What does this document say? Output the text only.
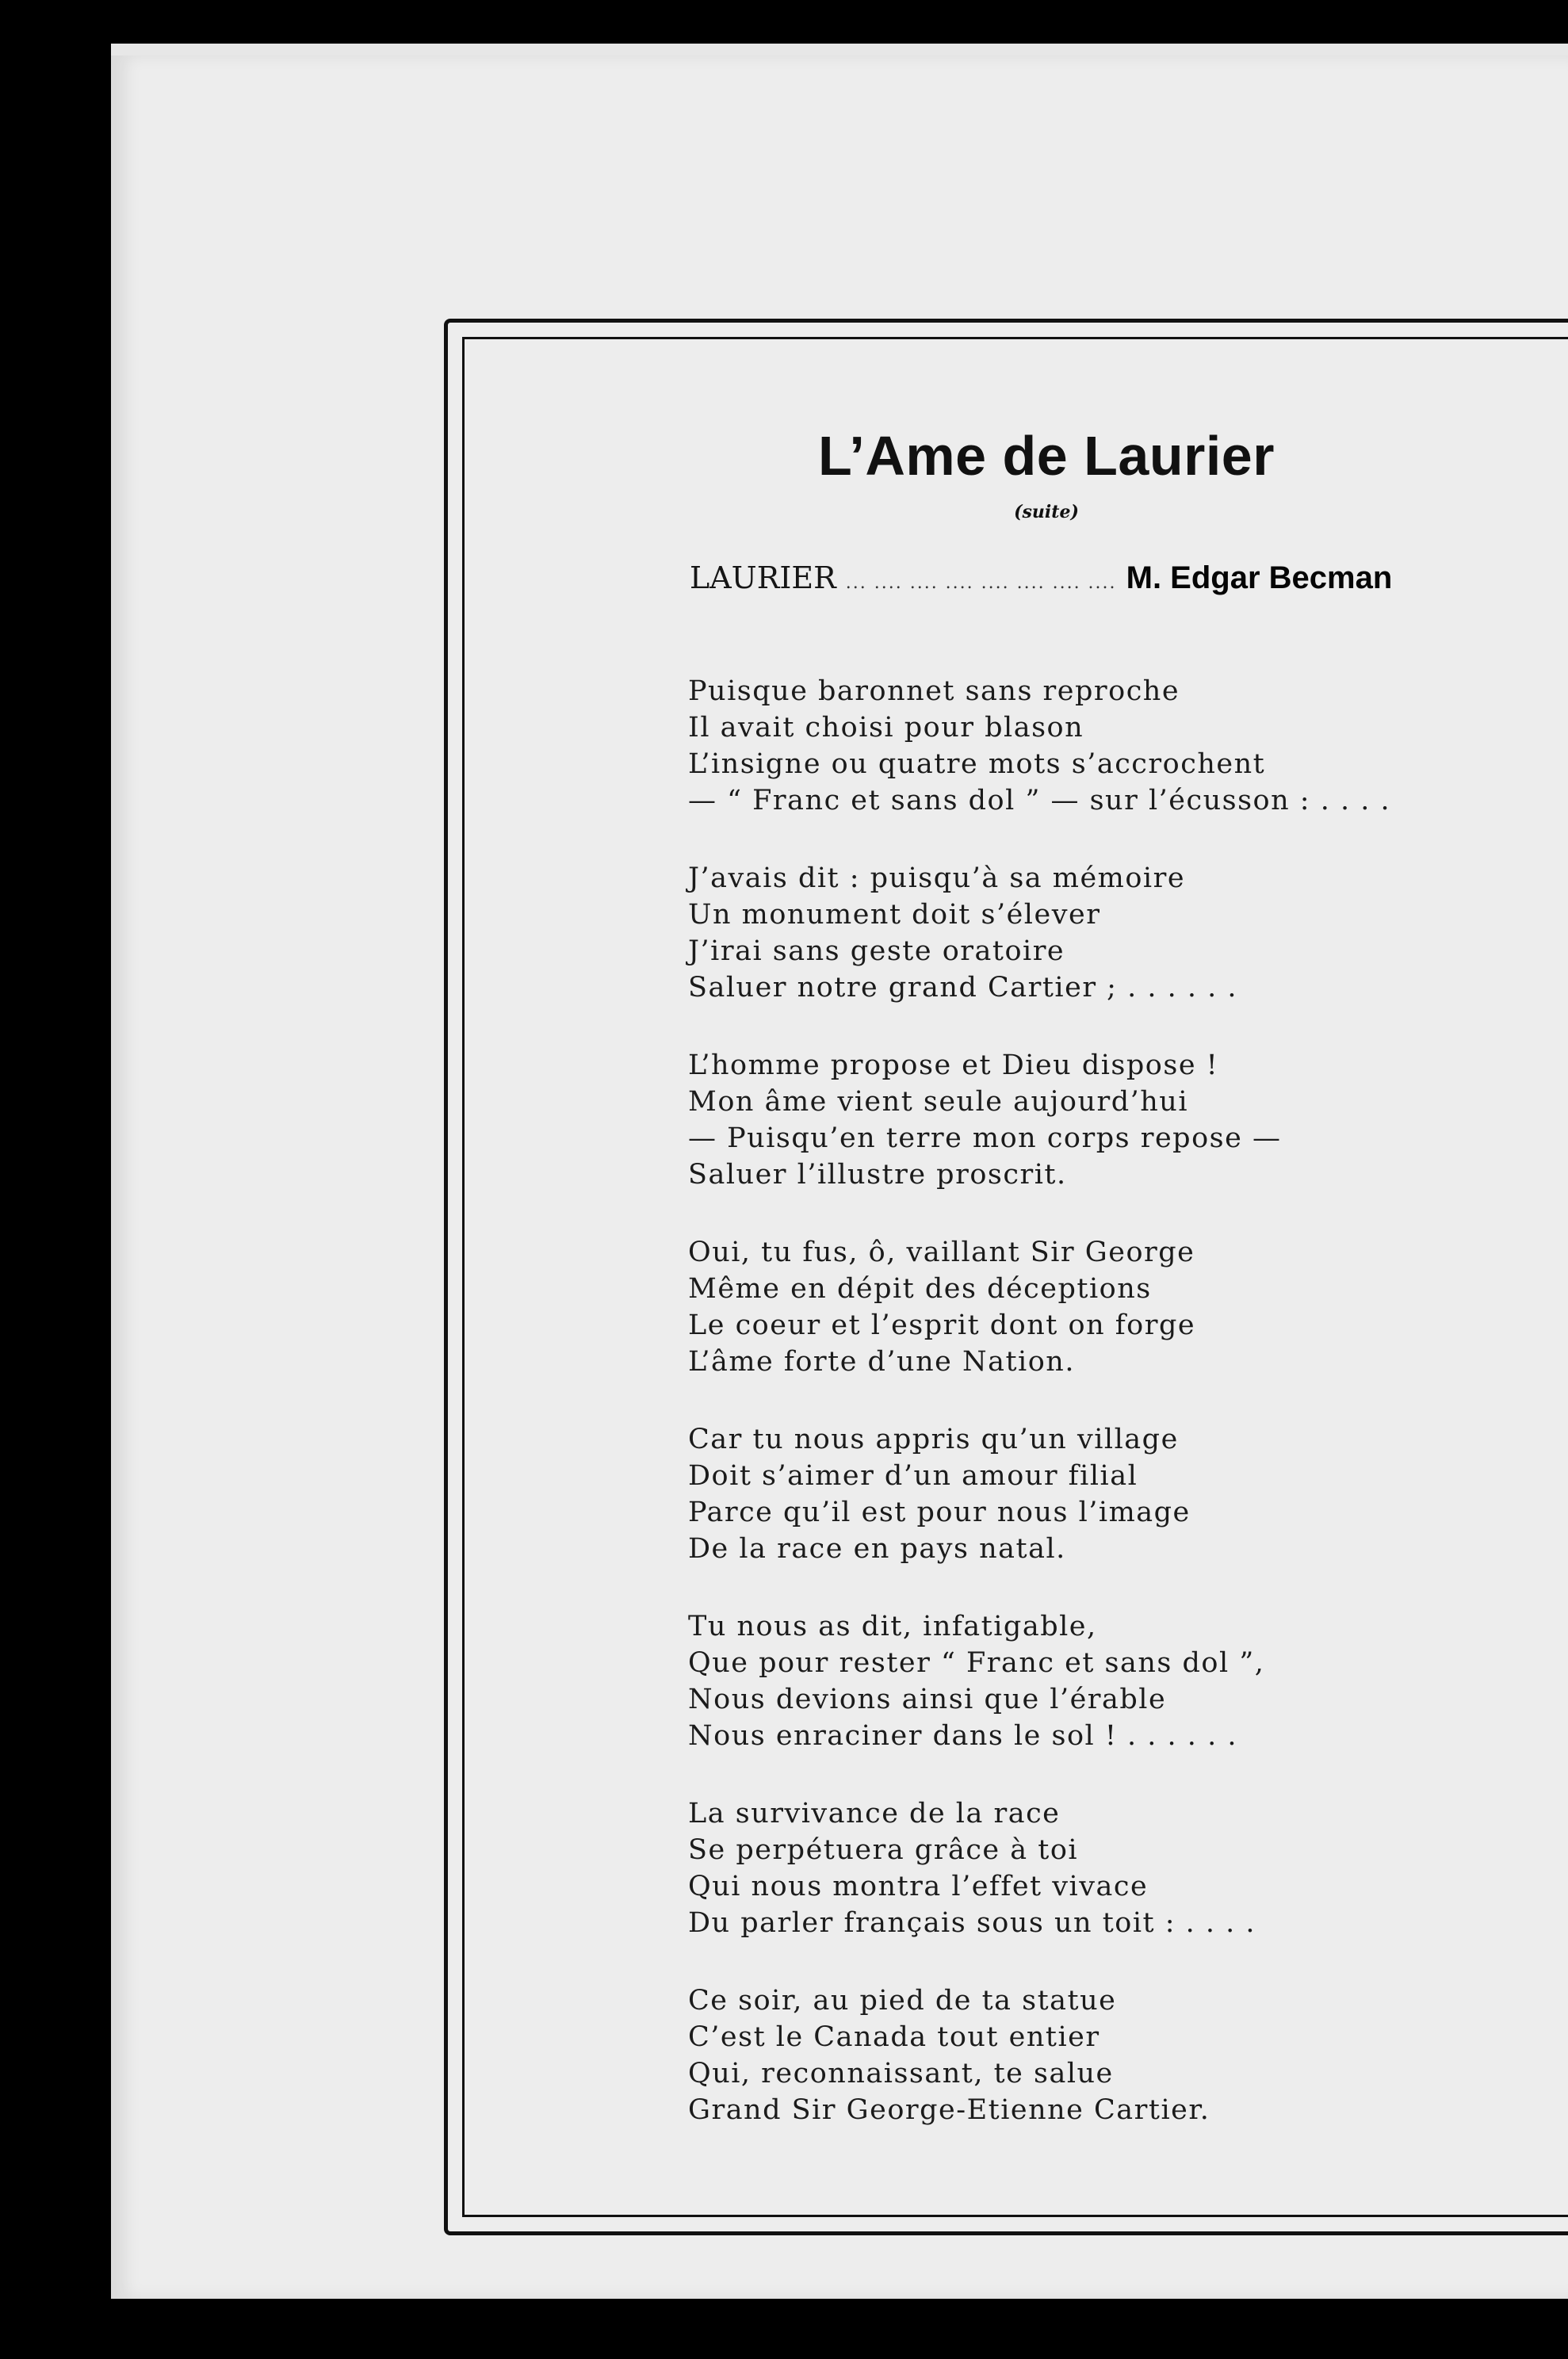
L’Ame de Laurier
(suite)
LAURIER ... .... .... .... .... .... .... .... M. Edgar Becman
Puisque baronnet sans reproche
Il avait choisi pour blason
L’insigne ou quatre mots s’accrochent
— “ Franc et sans dol ” — sur l’écusson : . . . .
J’avais dit : puisqu’à sa mémoire
Un monument doit s’élever
J’irai sans geste oratoire
Saluer notre grand Cartier ; . . . . . .
L’homme propose et Dieu dispose !
Mon âme vient seule aujourd’hui
— Puisqu’en terre mon corps repose —
Saluer l’illustre proscrit.
Oui, tu fus, ô, vaillant Sir George
Même en dépit des déceptions
Le coeur et l’esprit dont on forge
L’âme forte d’une Nation.
Car tu nous appris qu’un village
Doit s’aimer d’un amour filial
Parce qu’il est pour nous l’image
De la race en pays natal.
Tu nous as dit, infatigable,
Que pour rester “ Franc et sans dol ”,
Nous devions ainsi que l’érable
Nous enraciner dans le sol ! . . . . . .
La survivance de la race
Se perpétuera grâce à toi
Qui nous montra l’effet vivace
Du parler français sous un toit : . . . .
Ce soir, au pied de ta statue
C’est le Canada tout entier
Qui, reconnaissant, te salue
Grand Sir George-Etienne Cartier.
